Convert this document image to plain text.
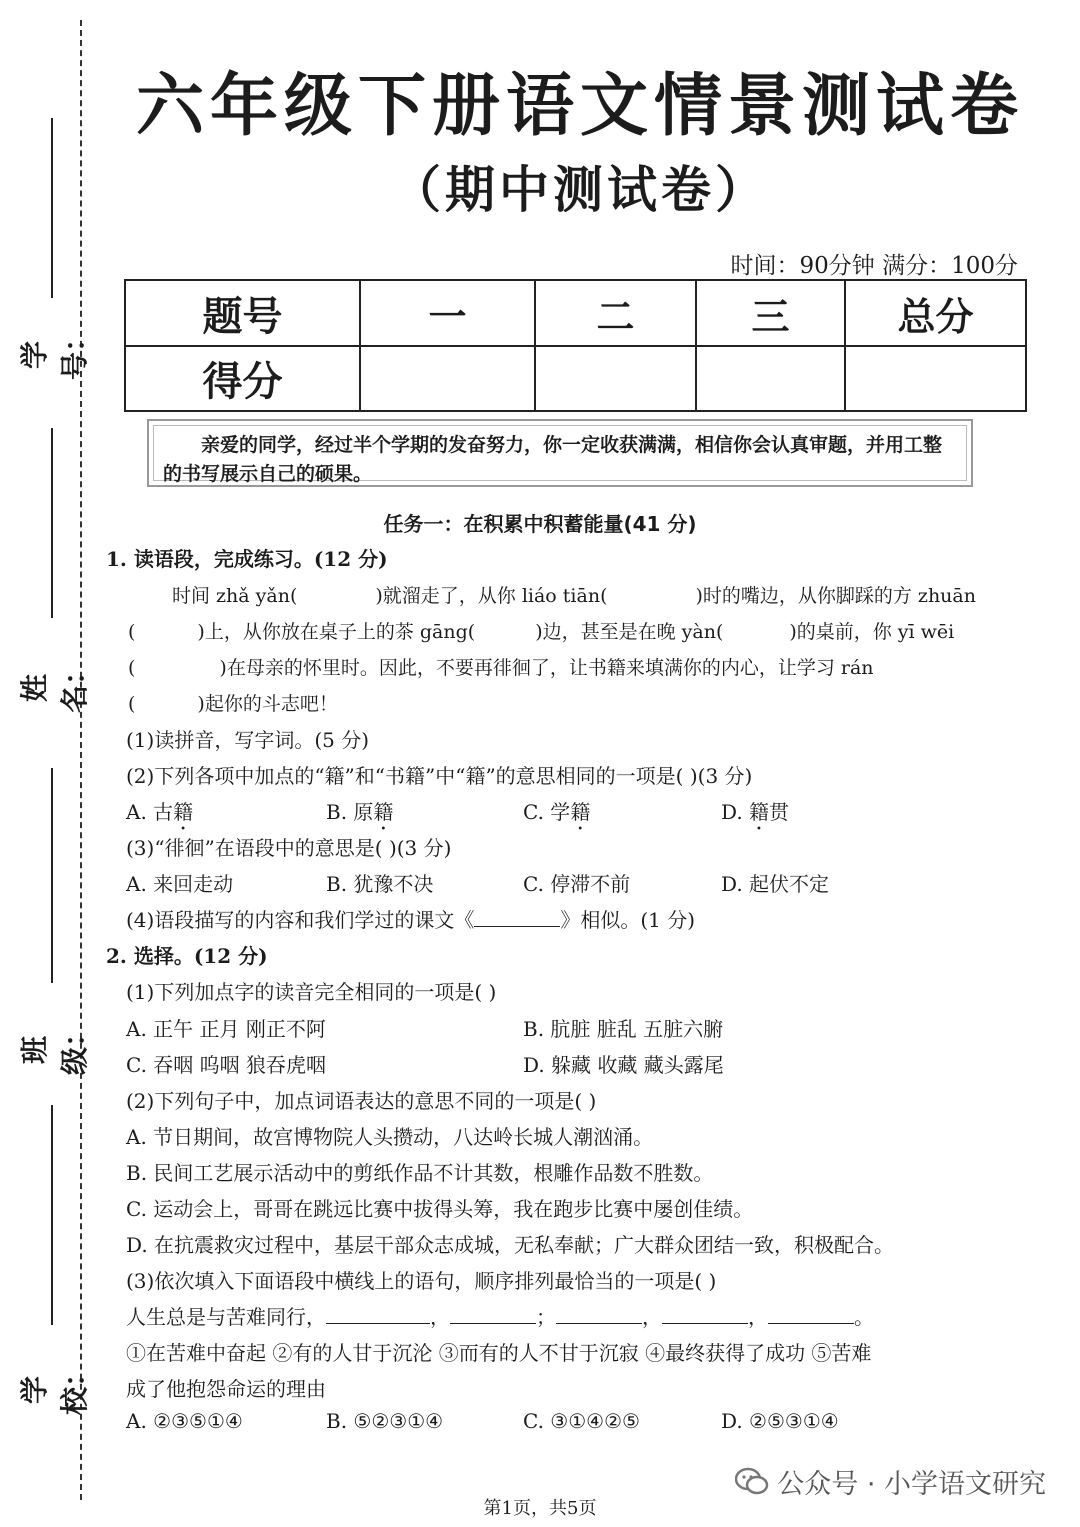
学号：
姓名：
班级：
学校：
六年级下册语文情景测试卷
（期中测试卷）
时间：90分钟 满分：100分
题号	一	二	三	总分
得分				
亲爱的同学，经过半个学期的发奋努力，你一定收获满满，相信你会认真审题，并用工整的书写展示自己的硕果。
任务一：在积累中积蓄能量(41 分)
1. 读语段，完成练习。(12 分)
时间 zhǎ yǎn(	)就溜走了，从你 liáo tiān(	)时的嘴边，从你脚踩的方 zhuān
(	)上，从你放在桌子上的茶 gāng(	)边，甚至是在晚 yàn(	)的桌前，你 yī wēi
(	)在母亲的怀里时。因此，不要再徘徊了，让书籍来填满你的内心，让学习 rán
(	)起你的斗志吧！
(1)读拼音，写字词。(5 分)
(2)下列各项中加点的“籍”和“书籍”中“籍”的意思相同的一项是( )(3 分)
A. 古籍	B. 原籍	C. 学籍	D. 籍贯
(3)“徘徊”在语段中的意思是( )(3 分)
A. 来回走动	B. 犹豫不决	C. 停滞不前	D. 起伏不定
(4)语段描写的内容和我们学过的课文《	》相似。(1 分)
2. 选择。(12 分)
(1)下列加点字的读音完全相同的一项是( )
A. 正午 正月 刚正不阿	B. 肮脏 脏乱 五脏六腑
C. 吞咽 呜咽 狼吞虎咽	D. 躲藏 收藏 藏头露尾
(2)下列句子中，加点词语表达的意思不同的一项是( )
A. 节日期间，故宫博物院人头攒动，八达岭长城人潮汹涌。
B. 民间工艺展示活动中的剪纸作品不计其数，根雕作品数不胜数。
C. 运动会上，哥哥在跳远比赛中拔得头筹，我在跑步比赛中屡创佳绩。
D. 在抗震救灾过程中，基层干部众志成城，无私奉献；广大群众团结一致，积极配合。
(3)依次填入下面语段中横线上的语句，顺序排列最恰当的一项是( )
人生总是与苦难同行，	，	；	，	，	。
①在苦难中奋起 ②有的人甘于沉沦 ③而有的人不甘于沉寂 ④最终获得了成功 ⑤苦难
成了他抱怨命运的理由
A. ②③⑤①④	B. ⑤②③①④	C. ③①④②⑤	D. ②⑤③①④
公众号 · 小学语文研究
第1页，共5页
